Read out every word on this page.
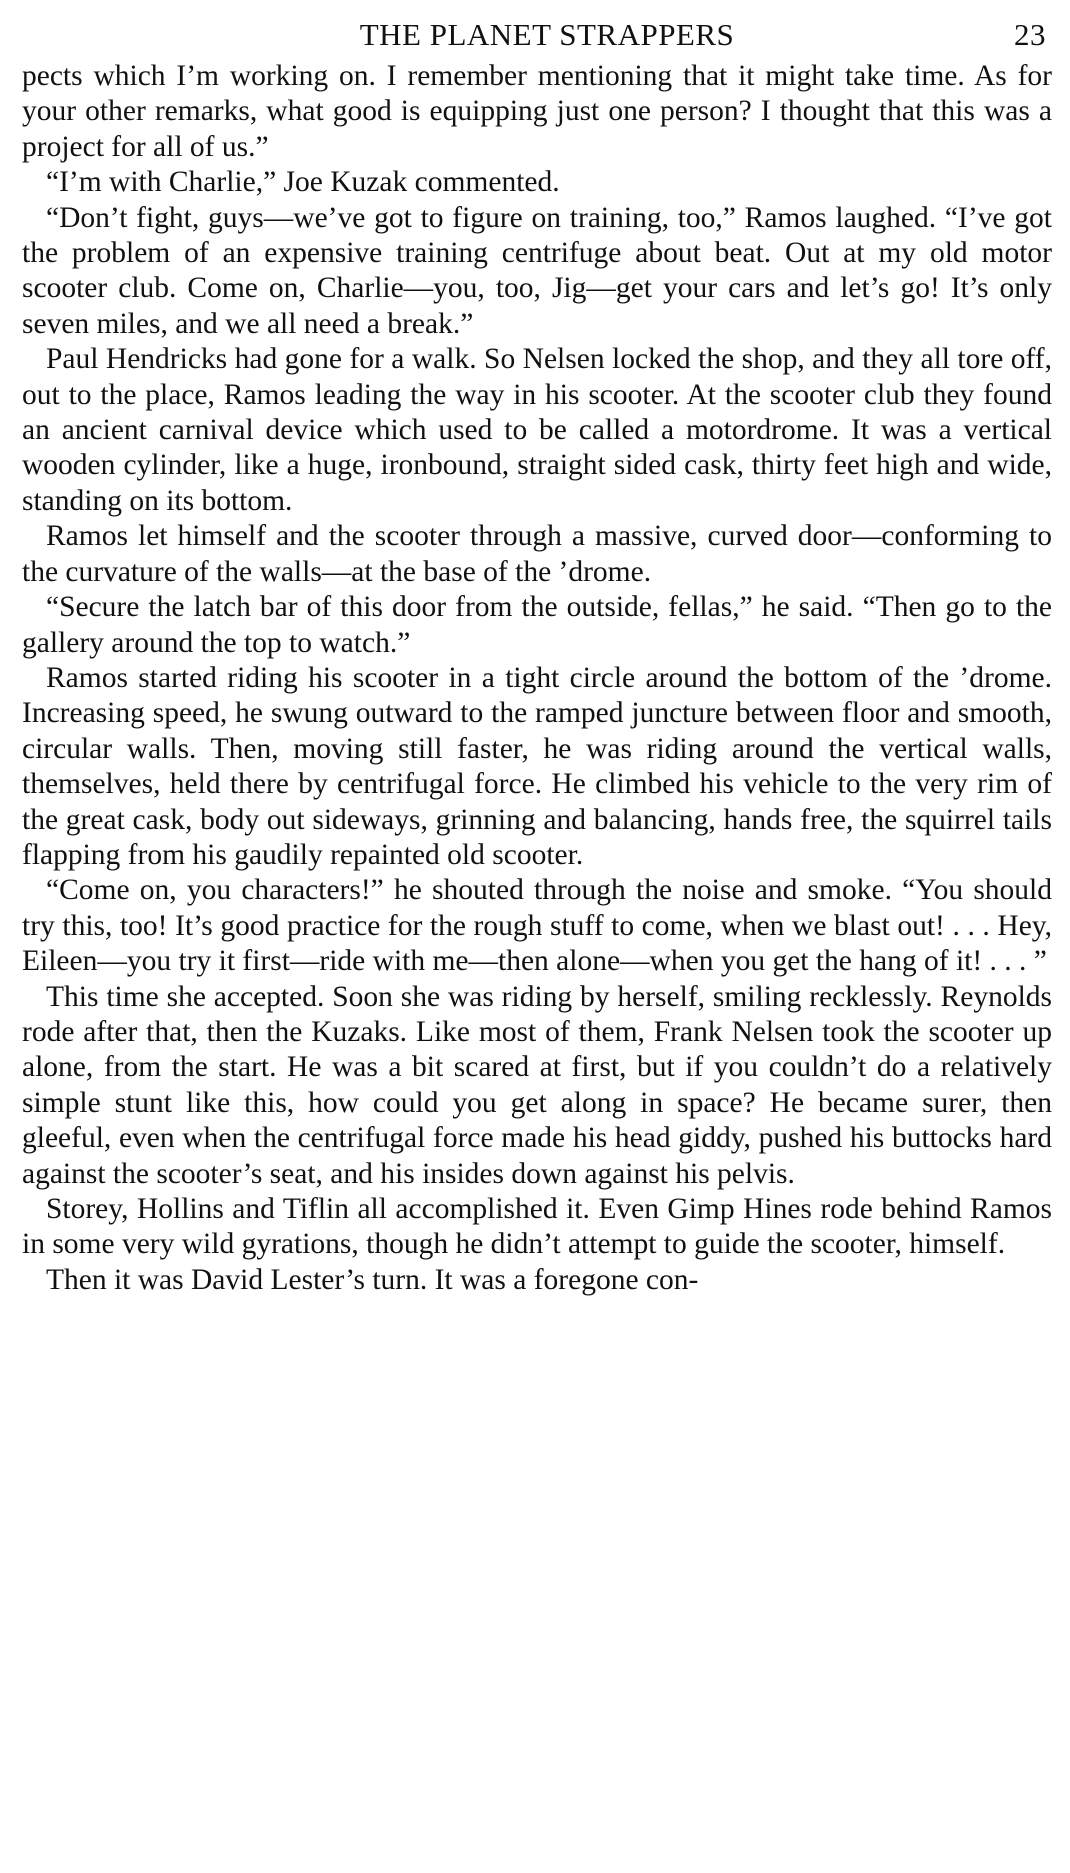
THE PLANET STRAPPERS	23

pects which I’m working on. I remember mentioning that it might take time. As for your other remarks, what good is equipping just one person? I thought that this was a project for all of us.”

“I’m with Charlie,” Joe Kuzak commented.

“Don’t fight, guys—we’ve got to figure on training, too,” Ramos laughed. “I’ve got the problem of an expensive training centrifuge about beat. Out at my old motor scooter club. Come on, Charlie—you, too, Jig—get your cars and let’s go! It’s only seven miles, and we all need a break.”

Paul Hendricks had gone for a walk. So Nelsen locked the shop, and they all tore off, out to the place, Ramos leading the way in his scooter. At the scooter club they found an ancient carnival device which used to be called a motordrome. It was a vertical wooden cylinder, like a huge, ironbound, straight sided cask, thirty feet high and wide, standing on its bottom.

Ramos let himself and the scooter through a massive, curved door—conforming to the curvature of the walls—at the base of the ’drome.

“Secure the latch bar of this door from the outside, fellas,” he said. “Then go to the gallery around the top to watch.”

Ramos started riding his scooter in a tight circle around the bottom of the ’drome. Increasing speed, he swung outward to the ramped juncture between floor and smooth, circular walls. Then, moving still faster, he was riding around the vertical walls, themselves, held there by centrifugal force. He climbed his vehicle to the very rim of the great cask, body out sideways, grinning and balancing, hands free, the squirrel tails flapping from his gaudily repainted old scooter.

“Come on, you characters!” he shouted through the noise and smoke. “You should try this, too! It’s good practice for the rough stuff to come, when we blast out! . . . Hey, Eileen—you try it first—ride with me—then alone—when you get the hang of it! . . . ”

This time she accepted. Soon she was riding by herself, smiling recklessly. Reynolds rode after that, then the Kuzaks. Like most of them, Frank Nelsen took the scooter up alone, from the start. He was a bit scared at first, but if you couldn’t do a relatively simple stunt like this, how could you get along in space? He became surer, then gleeful, even when the centrifugal force made his head giddy, pushed his buttocks hard against the scooter’s seat, and his insides down against his pelvis.

Storey, Hollins and Tiflin all accomplished it. Even Gimp Hines rode behind Ramos in some very wild gyrations, though he didn’t attempt to guide the scooter, himself.

Then it was David Lester’s turn. It was a foregone con-
